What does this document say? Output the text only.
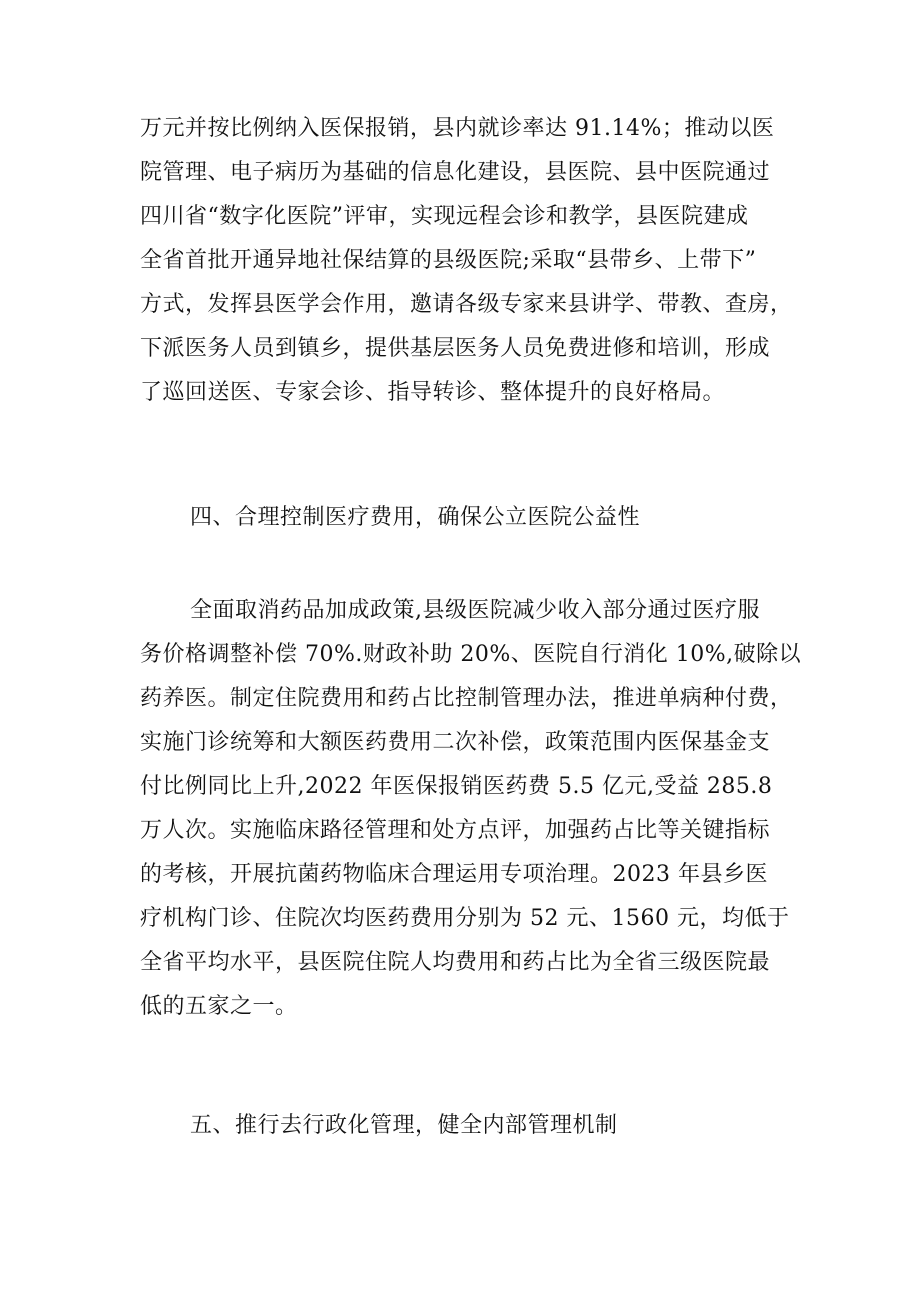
万元并按比例纳入医保报销，县内就诊率达 91.14%；推动以医
院管理、电子病历为基础的信息化建设，县医院、县中医院通过
四川省“数字化医院”评审，实现远程会诊和教学，县医院建成
全省首批开通异地社保结算的县级医院;采取“县带乡、上带下”
方式，发挥县医学会作用，邀请各级专家来县讲学、带教、查房，
下派医务人员到镇乡，提供基层医务人员免费进修和培训，形成
了巡回送医、专家会诊、指导转诊、整体提升的良好格局。
四、合理控制医疗费用，确保公立医院公益性
全面取消药品加成政策,县级医院减少收入部分通过医疗服
务价格调整补偿 70%.财政补助 20%、医院自行消化 10%,破除以
药养医。制定住院费用和药占比控制管理办法，推进单病种付费，
实施门诊统筹和大额医药费用二次补偿，政策范围内医保基金支
付比例同比上升,2022 年医保报销医药费 5.5 亿元,受益 285.8
万人次。实施临床路径管理和处方点评，加强药占比等关键指标
的考核，开展抗菌药物临床合理运用专项治理。2023 年县乡医
疗机构门诊、住院次均医药费用分别为 52 元、1560 元，均低于
全省平均水平，县医院住院人均费用和药占比为全省三级医院最
低的五家之一。
五、推行去行政化管理，健全内部管理机制
